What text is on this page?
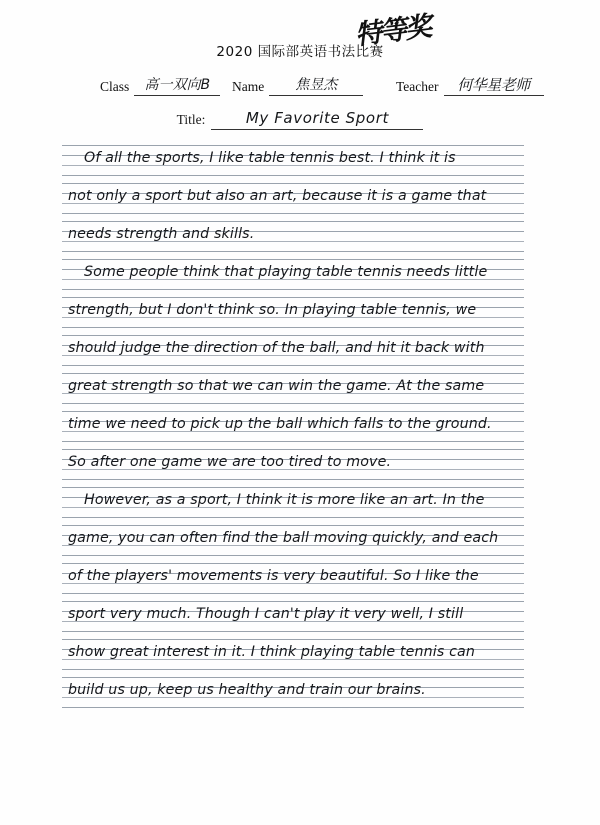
特等奖
2020 国际部英语书法比赛
Class	高一双向B	Name	焦昱杰	Teacher	何华星老师
Title:	My Favorite Sport
Of all the sports, I like table tennis best. I think it is
not only a sport but also an art, because it is a game that
needs strength and skills.
Some people think that playing table tennis needs little
strength, but I don't think so. In playing table tennis, we
should judge the direction of the ball, and hit it back with
great strength so that we can win the game. At the same
time we need to pick up the ball which falls to the ground.
So after one game we are too tired to move.
However, as a sport, I think it is more like an art. In the
game, you can often find the ball moving quickly, and each
of the players' movements is very beautiful. So I like the
sport very much. Though I can't play it very well, I still
show great interest in it. I think playing table tennis can
build us up, keep us healthy and train our brains.
